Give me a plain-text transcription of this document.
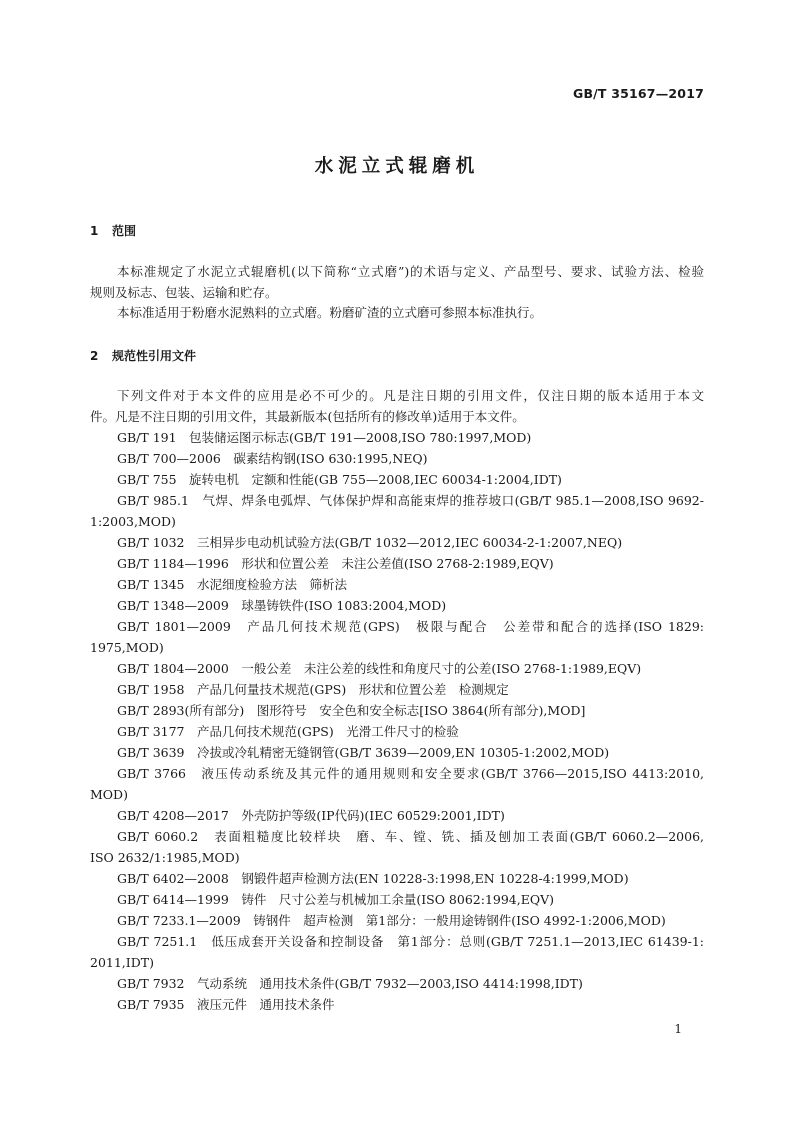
GB/T 35167—2017
水泥立式辊磨机
1 范围
本标准规定了水泥立式辊磨机(以下简称“立式磨”)的术语与定义、产品型号、要求、试验方法、检验
规则及标志、包装、运输和贮存。
本标准适用于粉磨水泥熟料的立式磨。粉磨矿渣的立式磨可参照本标准执行。
2 规范性引用文件
下列文件对于本文件的应用是必不可少的。凡是注日期的引用文件，仅注日期的版本适用于本文
件。凡是不注日期的引用文件，其最新版本(包括所有的修改单)适用于本文件。
GB/T 191　包装储运图示标志(GB/T 191—2008,ISO 780:1997,MOD)
GB/T 700—2006　碳素结构钢(ISO 630:1995,NEQ)
GB/T 755　旋转电机　定额和性能(GB 755—2008,IEC 60034-1:2004,IDT)
GB/T 985.1　气焊、焊条电弧焊、气体保护焊和高能束焊的推荐坡口(GB/T 985.1—2008,ISO 9692-
1:2003,MOD)
GB/T 1032　三相异步电动机试验方法(GB/T 1032—2012,IEC 60034-2-1:2007,NEQ)
GB/T 1184—1996　形状和位置公差　未注公差值(ISO 2768-2:1989,EQV)
GB/T 1345　水泥细度检验方法　筛析法
GB/T 1348—2009　球墨铸铁件(ISO 1083:2004,MOD)
GB/T 1801—2009　产品几何技术规范(GPS)　极限与配合　公差带和配合的选择(ISO 1829:
1975,MOD)
GB/T 1804—2000　一般公差　未注公差的线性和角度尺寸的公差(ISO 2768-1:1989,EQV)
GB/T 1958　产品几何量技术规范(GPS)　形状和位置公差　检测规定
GB/T 2893(所有部分)　图形符号　安全色和安全标志[ISO 3864(所有部分),MOD]
GB/T 3177　产品几何技术规范(GPS)　光滑工件尺寸的检验
GB/T 3639　冷拔或冷轧精密无缝钢管(GB/T 3639—2009,EN 10305-1:2002,MOD)
GB/T 3766　液压传动系统及其元件的通用规则和安全要求(GB/T 3766—2015,ISO 4413:2010,
MOD)
GB/T 4208—2017　外壳防护等级(IP代码)(IEC 60529:2001,IDT)
GB/T 6060.2　表面粗糙度比较样块　磨、车、镗、铣、插及刨加工表面(GB/T 6060.2—2006,
ISO 2632/1:1985,MOD)
GB/T 6402—2008　钢锻件超声检测方法(EN 10228-3:1998,EN 10228-4:1999,MOD)
GB/T 6414—1999　铸件　尺寸公差与机械加工余量(ISO 8062:1994,EQV)
GB/T 7233.1—2009　铸钢件　超声检测　第1部分：一般用途铸钢件(ISO 4992-1:2006,MOD)
GB/T 7251.1　低压成套开关设备和控制设备　第1部分：总则(GB/T 7251.1—2013,IEC 61439-1:
2011,IDT)
GB/T 7932　气动系统　通用技术条件(GB/T 7932—2003,ISO 4414:1998,IDT)
GB/T 7935　液压元件　通用技术条件
1
